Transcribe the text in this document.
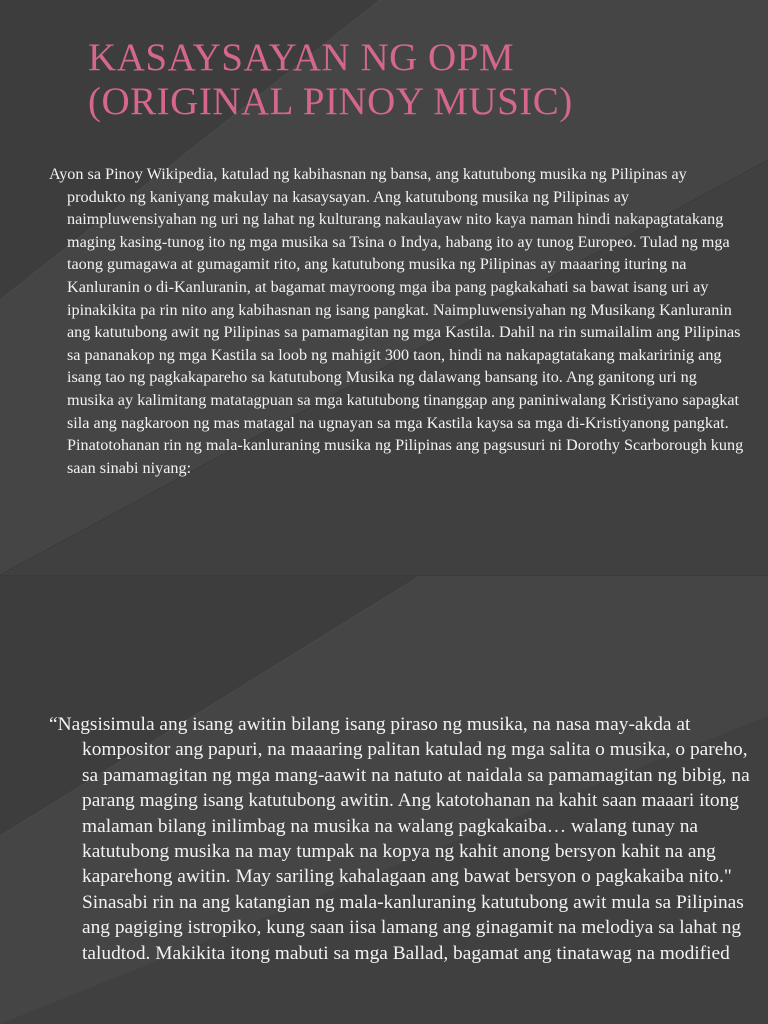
KASAYSAYAN NG OPM
(ORIGINAL PINOY MUSIC)

Ayon sa Pinoy Wikipedia, katulad ng kabihasnan ng bansa, ang katutubong musika ng Pilipinas ay produkto ng kaniyang makulay na kasaysayan. Ang katutubong musika ng Pilipinas ay naimpluwensiyahan ng uri ng lahat ng kulturang nakaulayaw nito kaya naman hindi nakapagtatakang maging kasing-tunog ito ng mga musika sa Tsina o Indya, habang ito ay tunog Europeo. Tulad ng mga taong gumagawa at gumagamit rito, ang katutubong musika ng Pilipinas ay maaaring ituring na Kanluranin o di-Kanluranin, at bagamat mayroong mga iba pang pagkakahati sa bawat isang uri ay ipinakikita pa rin nito ang kabihasnan ng isang pangkat. Naimpluwensiyahan ng Musikang Kanluranin ang katutubong awit ng Pilipinas sa pamamagitan ng mga Kastila. Dahil na rin sumailalim ang Pilipinas sa pananakop ng mga Kastila sa loob ng mahigit 300 taon, hindi na nakapagtatakang makaririnig ang isang tao ng pagkakapareho sa katutubong Musika ng dalawang bansang ito. Ang ganitong uri ng musika ay kalimitang matatagpuan sa mga katutubong tinanggap ang paniniwalang Kristiyano sapagkat sila ang nagkaroon ng mas matagal na ugnayan sa mga Kastila kaysa sa mga di-Kristiyanong pangkat. Pinatotohanan rin ng mala-kanluraning musika ng Pilipinas ang pagsusuri ni Dorothy Scarborough kung saan sinabi niyang:

“Nagsisimula ang isang awitin bilang isang piraso ng musika, na nasa may-akda at kompositor ang papuri, na maaaring palitan katulad ng mga salita o musika, o pareho, sa pamamagitan ng mga mang-aawit na natuto at naidala sa pamamagitan ng bibig, na parang maging isang katutubong awitin. Ang katotohanan na kahit saan maaari itong malaman bilang inilimbag na musika na walang pagkakaiba… walang tunay na katutubong musika na may tumpak na kopya ng kahit anong bersyon kahit na ang kaparehong awitin. May sariling kahalagaan ang bawat bersyon o pagkakaiba nito." Sinasabi rin na ang katangian ng mala-kanluraning katutubong awit mula sa Pilipinas ang pagiging istropiko, kung saan iisa lamang ang ginagamit na melodiya sa lahat ng taludtod. Makikita itong mabuti sa mga Ballad, bagamat ang tinatawag na modified
